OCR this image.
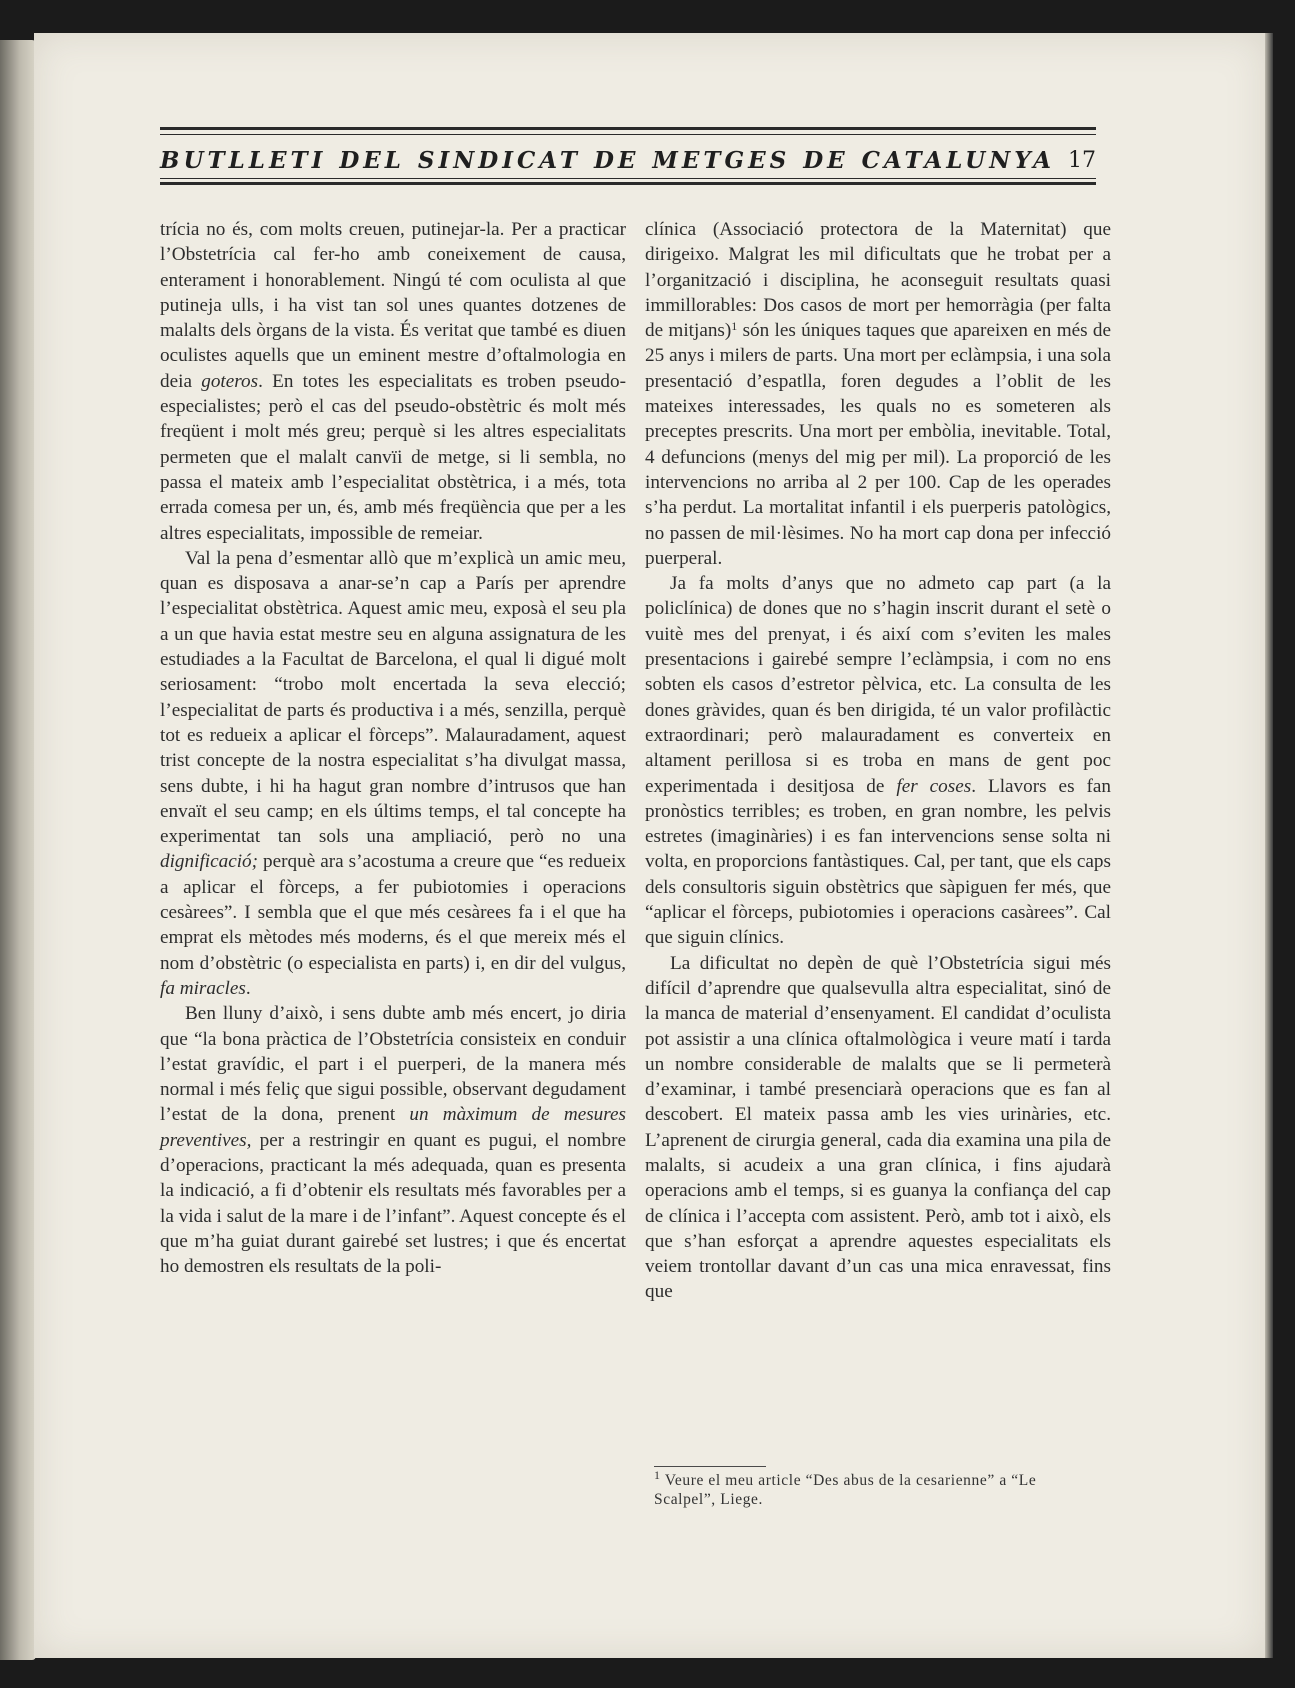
BUTLLETI DEL SINDICAT DE METGES DE CATALUNYA 17

trícia no és, com molts creuen, putinejar-la. Per a practicar l’Obstetrícia cal fer-ho amb coneixement de causa, enterament i honorablement. Ningú té com oculista al que putineja ulls, i ha vist tan sol unes quantes dotzenes de malalts dels òrgans de la vista. És veritat que també es diuen oculistes aquells que un eminent mestre d’oftalmologia en deia goteros. En totes les especialitats es troben pseudo-especialistes; però el cas del pseudo-obstètric és molt més freqüent i molt més greu; perquè si les altres especialitats permeten que el malalt canvïi de metge, si li sembla, no passa el mateix amb l’especialitat obstètrica, i a més, tota errada comesa per un, és, amb més freqüència que per a les altres especialitats, impossible de remeiar.

Val la pena d’esmentar allò que m’explicà un amic meu, quan es disposava a anar-se’n cap a París per aprendre l’especialitat obstètrica. Aquest amic meu, exposà el seu pla a un que havia estat mestre seu en alguna assignatura de les estudiades a la Facultat de Barcelona, el qual li digué molt seriosament: “trobo molt encertada la seva elecció; l’especialitat de parts és productiva i a més, senzilla, perquè tot es redueix a aplicar el fòrceps”. Malauradament, aquest trist concepte de la nostra especialitat s’ha divulgat massa, sens dubte, i hi ha hagut gran nombre d’intrusos que han envaït el seu camp; en els últims temps, el tal concepte ha experimentat tan sols una ampliació, però no una dignificació; perquè ara s’acostuma a creure que “es redueix a aplicar el fòrceps, a fer pubiotomies i operacions cesàrees”. I sembla que el que més cesàrees fa i el que ha emprat els mètodes més moderns, és el que mereix més el nom d’obstètric (o especialista en parts) i, en dir del vulgus, fa miracles.

Ben lluny d’això, i sens dubte amb més encert, jo diria que “la bona pràctica de l’Obstetrícia consisteix en conduir l’estat gravídic, el part i el puerperi, de la manera més normal i més feliç que sigui possible, observant degudament l’estat de la dona, prenent un màximum de mesures preventives, per a restringir en quant es pugui, el nombre d’operacions, practicant la més adequada, quan es presenta la indicació, a fi d’obtenir els resultats més favorables per a la vida i salut de la mare i de l’infant”. Aquest concepte és el que m’ha guiat durant gairebé set lustres; i que és encertat ho demostren els resultats de la poli-

clínica (Associació protectora de la Maternitat) que dirigeixo. Malgrat les mil dificultats que he trobat per a l’organització i disciplina, he aconseguit resultats quasi immillorables: Dos casos de mort per hemorràgia (per falta de mitjans)$^1$ són les úniques taques que apareixen en més de 25 anys i milers de parts. Una mort per eclàmpsia, i una sola presentació d’espatlla, foren degudes a l’oblit de les mateixes interessades, les quals no es someteren als preceptes prescrits. Una mort per embòlia, inevitable. Total, 4 defuncions (menys del mig per mil). La proporció de les intervencions no arriba al 2 per 100. Cap de les operades s’ha perdut. La mortalitat infantil i els puerperis patològics, no passen de mil·lèsimes. No ha mort cap dona per infecció puerperal.

Ja fa molts d’anys que no admeto cap part (a la policlínica) de dones que no s’hagin inscrit durant el setè o vuitè mes del prenyat, i és així com s’eviten les males presentacions i gairebé sempre l’eclàmpsia, i com no ens sobten els casos d’estretor pèlvica, etc. La consulta de les dones gràvides, quan és ben dirigida, té un valor profilàctic extraordinari; però malauradament es converteix en altament perillosa si es troba en mans de gent poc experimentada i desitjosa de fer coses. Llavors es fan pronòstics terribles; es troben, en gran nombre, les pelvis estretes (imaginàries) i es fan intervencions sense solta ni volta, en proporcions fantàstiques. Cal, per tant, que els caps dels consultoris siguin obstètrics que sàpiguen fer més, que “aplicar el fòrceps, pubiotomies i operacions casàrees”. Cal que siguin clínics.

La dificultat no depèn de què l’Obstetrícia sigui més difícil d’aprendre que qualsevulla altra especialitat, sinó de la manca de material d’ensenyament. El candidat d’oculista pot assistir a una clínica oftalmològica i veure matí i tarda un nombre considerable de malalts que se li permeterà d’examinar, i també presenciarà operacions que es fan al descobert. El mateix passa amb les vies urinàries, etc. L’aprenent de cirurgia general, cada dia examina una pila de malalts, si acudeix a una gran clínica, i fins ajudarà operacions amb el temps, si es guanya la confiança del cap de clínica i l’accepta com assistent. Però, amb tot i això, els que s’han esforçat a aprendre aquestes especialitats els veiem trontollar davant d’un cas una mica enravessat, fins que

$^1$ Veure el meu article “Des abus de la cesarienne” a “Le Scalpel”, Liege.
